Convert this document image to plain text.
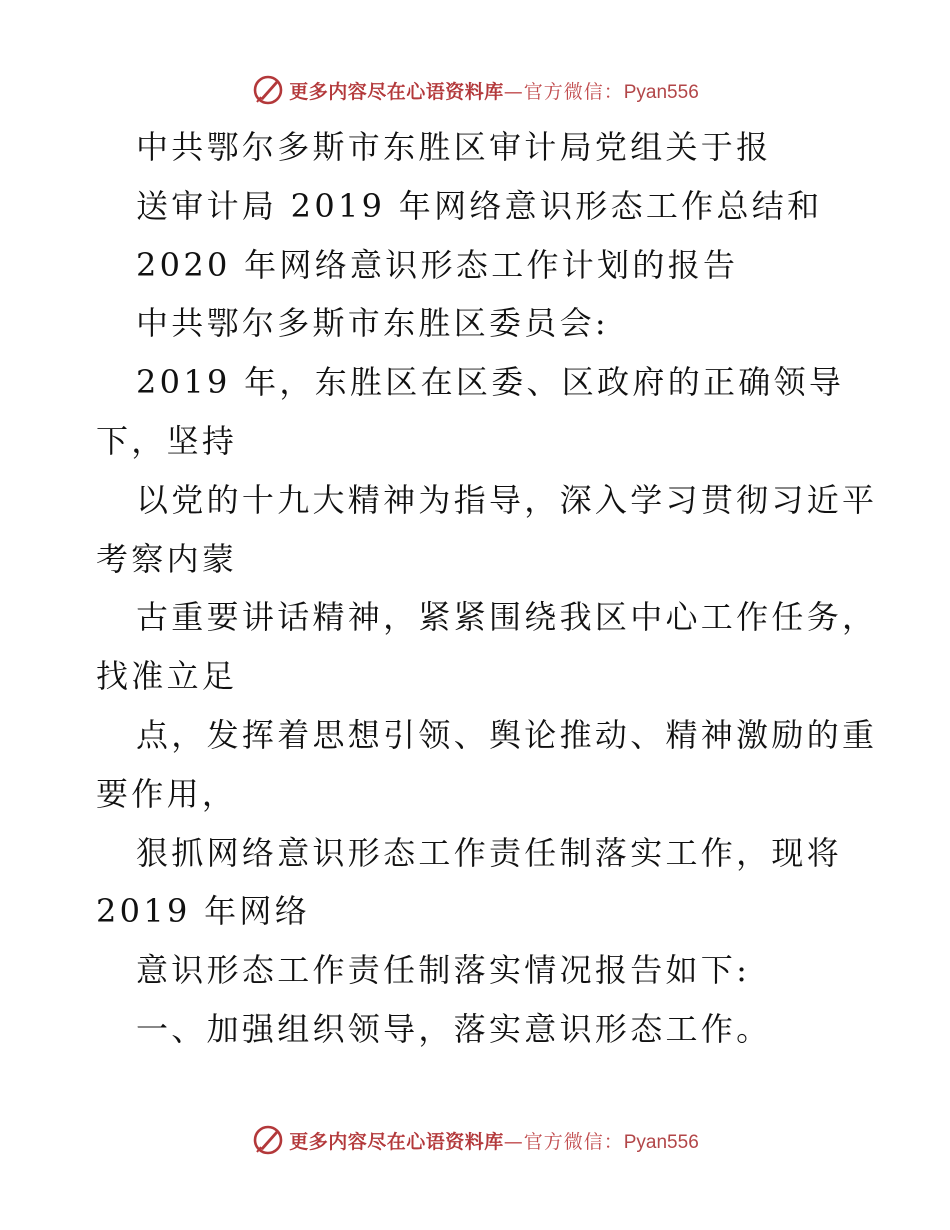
更多内容尽在心语资料库—官方微信：Pyan556
中共鄂尔多斯市东胜区审计局党组关于报
送审计局 2019 年网络意识形态工作总结和
2020 年网络意识形态工作计划的报告
中共鄂尔多斯市东胜区委员会:
2019 年，东胜区在区委、区政府的正确领导
下，坚持
以党的十九大精神为指导，深入学习贯彻习近平
考察内蒙
古重要讲话精神，紧紧围绕我区中心工作任务，
找准立足
点，发挥着思想引领、舆论推动、精神激励的重
要作用，
狠抓网络意识形态工作责任制落实工作，现将
2019 年网络
意识形态工作责任制落实情况报告如下:
一、加强组织领导，落实意识形态工作。
更多内容尽在心语资料库—官方微信：Pyan556
